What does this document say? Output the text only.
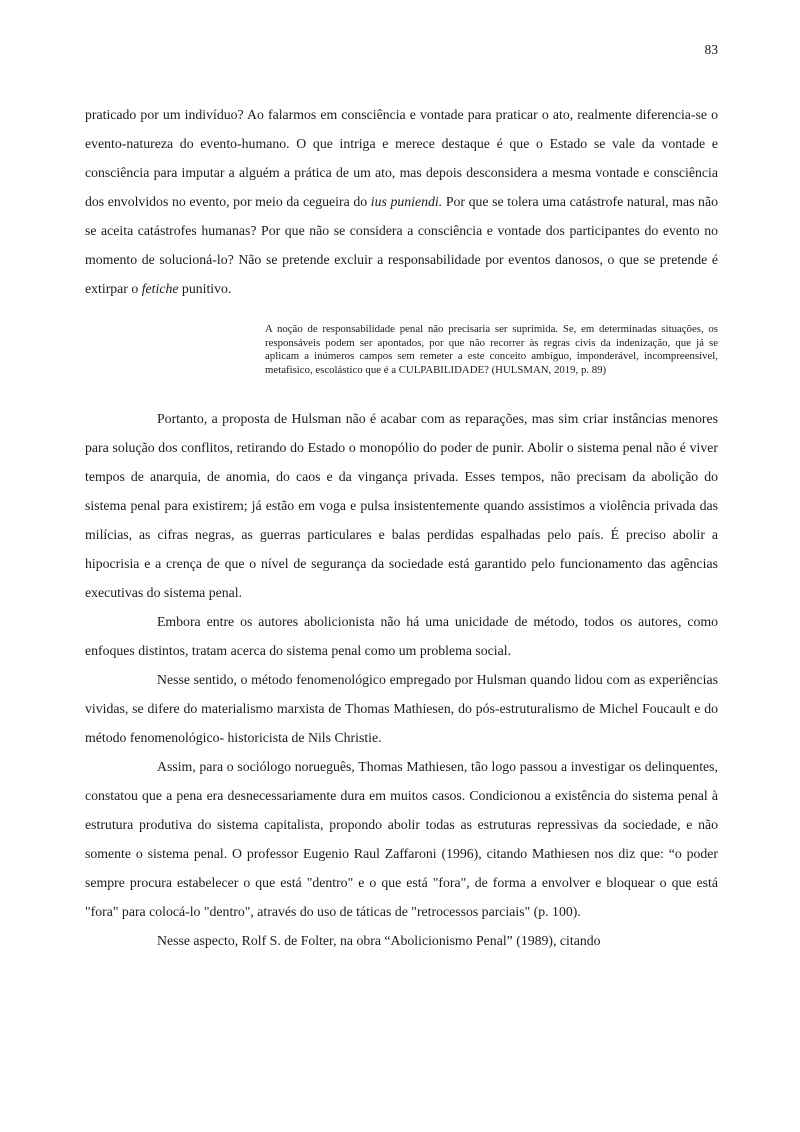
83

praticado por um indivíduo? Ao falarmos em consciência e vontade para praticar o ato, realmente diferencia-se o evento-natureza do evento-humano. O que intriga e merece destaque é que o Estado se vale da vontade e consciência para imputar a alguém a prática de um ato, mas depois desconsidera a mesma vontade e consciência dos envolvidos no evento, por meio da cegueira do ius puniendi. Por que se tolera uma catástrofe natural, mas não se aceita catástrofes humanas? Por que não se considera a consciência e vontade dos participantes do evento no momento de solucioná-lo? Não se pretende excluir a responsabilidade por eventos danosos, o que se pretende é extirpar o fetiche punitivo.

A noção de responsabilidade penal não precisaria ser suprimida. Se, em determinadas situações, os responsáveis podem ser apontados, por que não recorrer às regras civis da indenização, que já se aplicam a inúmeros campos sem remeter a este conceito ambíguo, imponderável, incompreensível, metafisico, escolástico que é a CULPABILIDADE? (HULSMAN, 2019, p. 89)

Portanto, a proposta de Hulsman não é acabar com as reparações, mas sim criar instâncias menores para solução dos conflitos, retirando do Estado o monopólio do poder de punir. Abolir o sistema penal não é viver tempos de anarquia, de anomia, do caos e da vingança privada. Esses tempos, não precisam da abolição do sistema penal para existirem; já estão em voga e pulsa insistentemente quando assistimos a violência privada das milícias, as cifras negras, as guerras particulares e balas perdidas espalhadas pelo país. É preciso abolir a hipocrisia e a crença de que o nível de segurança da sociedade está garantido pelo funcionamento das agências executivas do sistema penal.

Embora entre os autores abolicionista não há uma unicidade de método, todos os autores, como enfoques distintos, tratam acerca do sistema penal como um problema social.

Nesse sentido, o método fenomenológico empregado por Hulsman quando lidou com as experiências vividas, se difere do materialismo marxista de Thomas Mathiesen, do pós-estruturalismo de Michel Foucault e do método fenomenológico- historicista de Nils Christie.

Assim, para o sociólogo norueguês, Thomas Mathiesen, tão logo passou a investigar os delinquentes, constatou que a pena era desnecessariamente dura em muitos casos. Condicionou a existência do sistema penal à estrutura produtiva do sistema capitalista, propondo abolir todas as estruturas repressivas da sociedade, e não somente o sistema penal. O professor Eugenio Raul Zaffaroni (1996), citando Mathiesen nos diz que: “o poder sempre procura estabelecer o que está "dentro" e o que está "fora", de forma a envolver e bloquear o que está "fora" para colocá-lo "dentro", através do uso de táticas de "retrocessos parciais" (p. 100).

Nesse aspecto, Rolf S. de Folter, na obra “Abolicionismo Penal” (1989), citando
